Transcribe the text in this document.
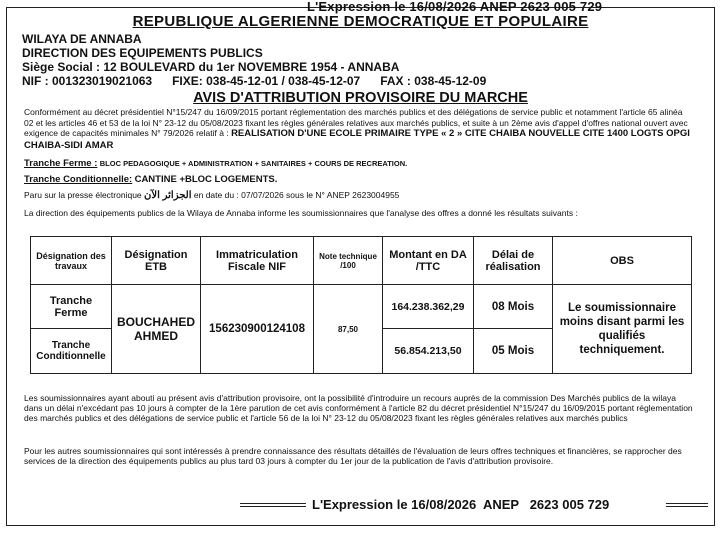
L'Expression le 16/08/2026 ANEP 2623 005 729
REPUBLIQUE ALGERIENNE DEMOCRATIQUE ET POPULAIRE
WILAYA DE ANNABA
DIRECTION DES EQUIPEMENTS PUBLICS
Siège Social : 12 BOULEVARD du 1er NOVEMBRE 1954 - ANNABA
NIF : 001323019021063      FIXE: 038-45-12-01 / 038-45-12-07      FAX : 038-45-12-09
AVIS D'ATTRIBUTION PROVISOIRE DU MARCHE
Conformément au décret présidentiel N°15/247 du 16/09/2015 portant réglementation des marchés publics et des délégations de service public et notamment l'article 65 alinéa 02 et les articles 46 et 53 de la loi N° 23-12 du 05/08/2023 fixant les règles générales relatives aux marchés publics, et suite à un 2ème avis d'appel d'offres national ouvert avec exigence de capacités minimales N° 79/2026 relatif à : REALISATION D'UNE ECOLE PRIMAIRE TYPE « 2 » CITE CHAIBA NOUVELLE CITE 1400 LOGTS OPGI CHAIBA-SIDI AMAR
Tranche Ferme : BLOC PEDAGOGIQUE + ADMINISTRATION + SANITAIRES + COURS DE RECREATION.
Tranche Conditionnelle: CANTINE +BLOC LOGEMENTS.
Paru sur la presse électronique الجزائر الآن en date du : 07/07/2026 sous le N° ANEP 2623004955
La direction des équipements publics de la Wilaya de Annaba informe les soumissionnaires que l'analyse des offres a donné les résultats suivants :
Désignation des travaux	Désignation ETB	Immatriculation Fiscale NIF	Note technique /100	Montant en DA /TTC	Délai de réalisation	OBS
Tranche Ferme	BOUCHAHED AHMED	156230900124108	87,50	164.238.362,29	08 Mois	Le soumissionnaire moins disant parmi les qualifiés techniquement.
Tranche Conditionnelle				56.854.213,50	05 Mois	
Les soumissionnaires ayant abouti au présent avis d'attribution provisoire, ont la possibilité d'introduire un recours auprès de la commission Des Marchés publics de la wilaya dans un délai n'excédant pas 10 jours à compter de la 1ère parution de cet avis conformément à l'article 82 du décret présidentiel N°15/247 du 16/09/2015 portant réglementation des marchés publics et des délégations de service public et l'article 56 de la loi N° 23-12 du 05/08/2023 fixant les règles générales relatives aux marchés publics
Pour les autres soumissionnaires qui sont intéressés à prendre connaissance des résultats détaillés de l'évaluation de leurs offres techniques et financières, se rapprocher des services de la direction des équipements publics au plus tard 03 jours à compter du 1er jour de la publication de l'avis d'attribution provisoire.
L'Expression le 16/08/2026  ANEP   2623 005 729
